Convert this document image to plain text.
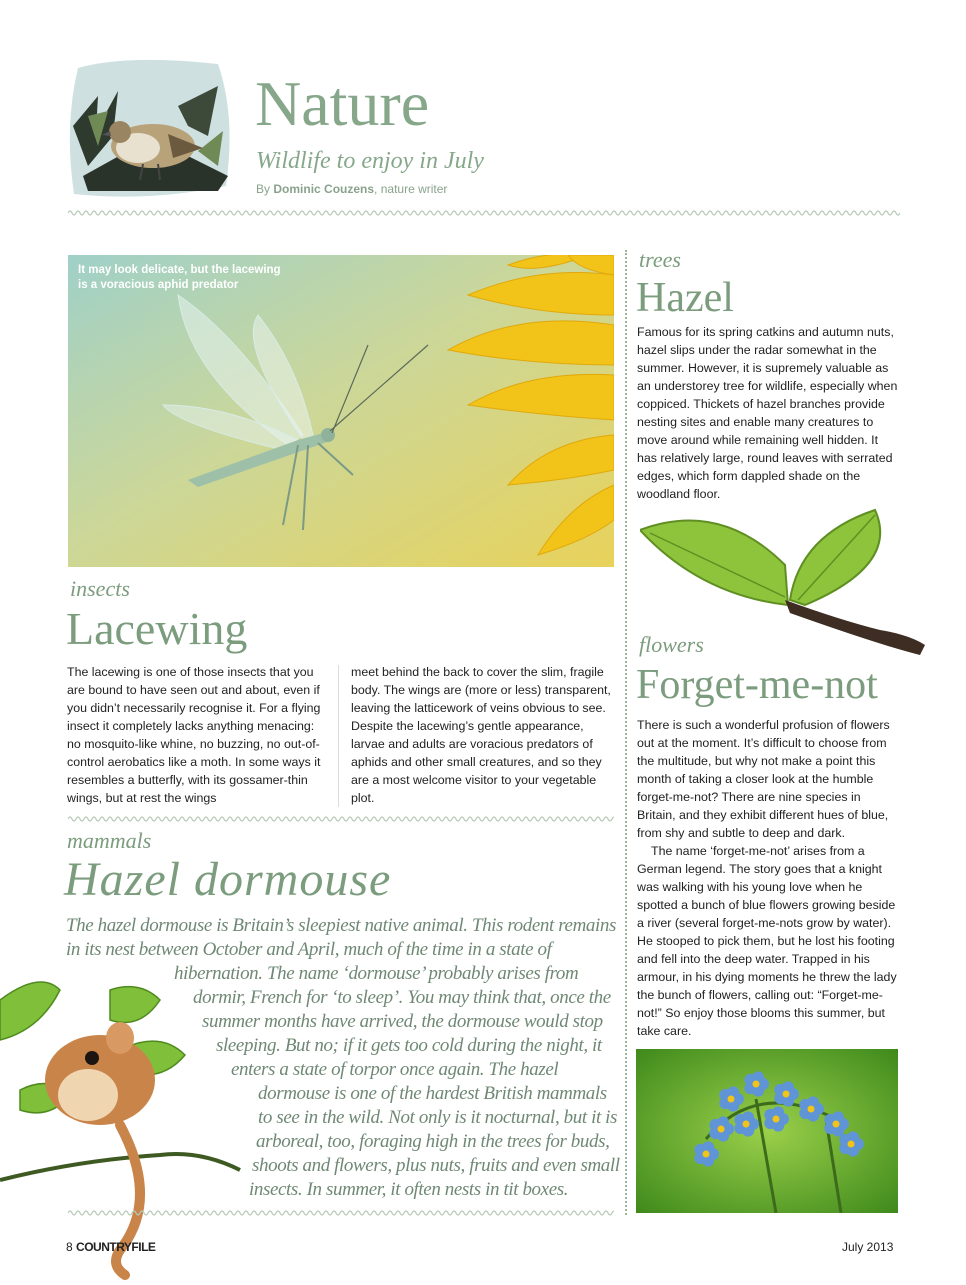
Nature
Wildlife to enjoy in July
By Dominic Couzens, nature writer
It may look delicate, but the lacewing
is a voracious aphid predator
insects
Lacewing
The lacewing is one of those insects that you are bound to have seen out and about, even if you didn’t necessarily recognise it. For a flying insect it completely lacks anything menacing: no mosquito-like whine, no buzzing, no out-of-control aerobatics like a moth. In some ways it resembles a butterfly, with its gossamer-thin wings, but at rest the wings
meet behind the back to cover the slim, fragile body. The wings are (more or less) transparent, leaving the latticework of veins obvious to see. Despite the lacewing’s gentle appearance, larvae and adults are voracious predators of aphids and other small creatures, and so they are a most welcome visitor to your vegetable plot.
trees
Hazel
Famous for its spring catkins and autumn nuts, hazel slips under the radar somewhat in the summer. However, it is supremely valuable as an understorey tree for wildlife, especially when coppiced. Thickets of hazel branches provide nesting sites and enable many creatures to move around while remaining well hidden. It has relatively large, round leaves with serrated edges, which form dappled shade on the woodland floor.
flowers
Forget-me-not

There is such a wonderful profusion of flowers out at the moment. It’s difficult to choose from the multitude, but why not make a point this month of taking a closer look at the humble forget-me-not? There are nine species in Britain, and they exhibit different hues of blue, from shy and subtle to deep and dark.

The name ‘forget-me-not’ arises from a German legend. The story goes that a knight was walking with his young love when he spotted a bunch of blue flowers growing beside a river (several forget-me-nots grow by water). He stooped to pick them, but he lost his footing and fell into the deep water. Trapped in his armour, in his dying moments he threw the lady the bunch of flowers, calling out: “Forget-me-not!” So enjoy those blooms this summer, but take care.

mammals
Hazel dormouse
The hazel dormouse is Britain’s sleepiest native animal. This rodent remains
in its nest between October and April, much of the time in a state of
hibernation. The name ‘dormouse’ probably arises from
dormir, French for ‘to sleep’. You may think that, once the
summer months have arrived, the dormouse would stop
sleeping. But no; if it gets too cold during the night, it
enters a state of torpor once again. The hazel
dormouse is one of the hardest British mammals
to see in the wild. Not only is it nocturnal, but it is
arboreal, too, foraging high in the trees for buds,
shoots and flowers, plus nuts, fruits and even small
insects. In summer, it often nests in tit boxes.
8 COUNTRYFILE	July 2013
